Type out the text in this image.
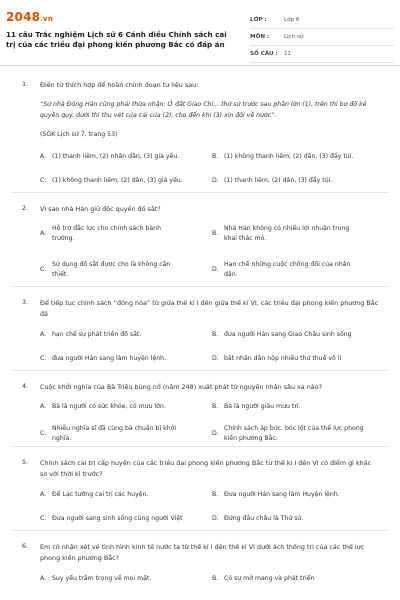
2048.vn
11 câu Trắc nghiệm Lịch sử 6 Cánh diều Chính sách cai trị của các triều đại phong kiến phương Bắc có đáp án
LỚP :	Lớp 6
MÔN :	Lịch sử
SỐ CÂU :	11
1. Điền từ thích hợp để hoàn chỉnh đoạn tư liệu sau:
“Sử nhà Đông Hán cũng phải thừa nhận: Ở đất Giao Chỉ... thứ sử trước sau phần lớn (1), trên thì bợ đỡ kẻ quyền quý, dưới thì thu vét của cải của (2), cho đến khi (3) xin đối về nước”.
(SGK Lịch sử 7, trang 53)
A. (1) thanh liêm, (2) nhân dân, (3) giả yếu.	B. (1) không thanh liêm, (2) dân, (3) đầy túi.
C. (1) không thanh liêm, (2) dân, (3) giả yếu.	D. (1) thanh liêm, (2) dân, (3) đầy túi.
2. Vì sao nhà Hán giữ độc quyền đồ sắt?
A.
Hỗ trợ đắc lực cho chính sách bành trướng.
B.
Nhà Hán không có nhiều lợi nhuận trong khai thác mỏ.
C.
Sử dụng đồ sắt được cho là không cần thiết.
D.
Hạn chế những cuộc chống đối của nhân dân.
3. Để tiếp tục chính sách “đồng hóa” từ giữa thế kỉ I đến giữa thế kỉ VI, các triều đại phong kiến phương Bắc đã
A. hạn chế sự phát triển đồ sắt.	B. đưa người Hán sang Giao Châu sinh sống
C. đưa người Hán sang làm huyện lệnh.	D. bắt nhân dân nộp nhiều thứ thuế vô lí
4. Cuộc khởi nghĩa của Bà Triệu bùng nổ (năm 248) xuất phát từ nguyên nhân sâu xa nào?
A. Bà là người có sức khỏe, có mưu lớn.	B. Bà là người giàu mưu trí.
C.
Nhiều nghĩa sĩ đã cùng bà chuẩn bị khởi nghĩa.
D.
Chính sách áp bức, bóc lột của thế lực phong kiến phương Bắc.
5. Chính sách cai trị cấp huyện của các triều đại phong kiến phương Bắc từ thế kỉ I đến VI có điểm gì khác so với thời kì trước?
A. Để Lạc tướng cai trị các huyện.	B. Đưa người Hán sang làm Huyện lệnh.
C. Đưa người sang sinh sống cùng người Việt	D. Đứng đầu châu là Thứ sử.
6. Em có nhận xét về tình hình kinh tế nước ta từ thế kỉ I đến thế kỉ VI dưới ách thống trị của các thế lực phong kiến phương Bắc?
A. Suy yếu trầm trọng về mọi mặt.	B. Có sự mở mang và phát triển
